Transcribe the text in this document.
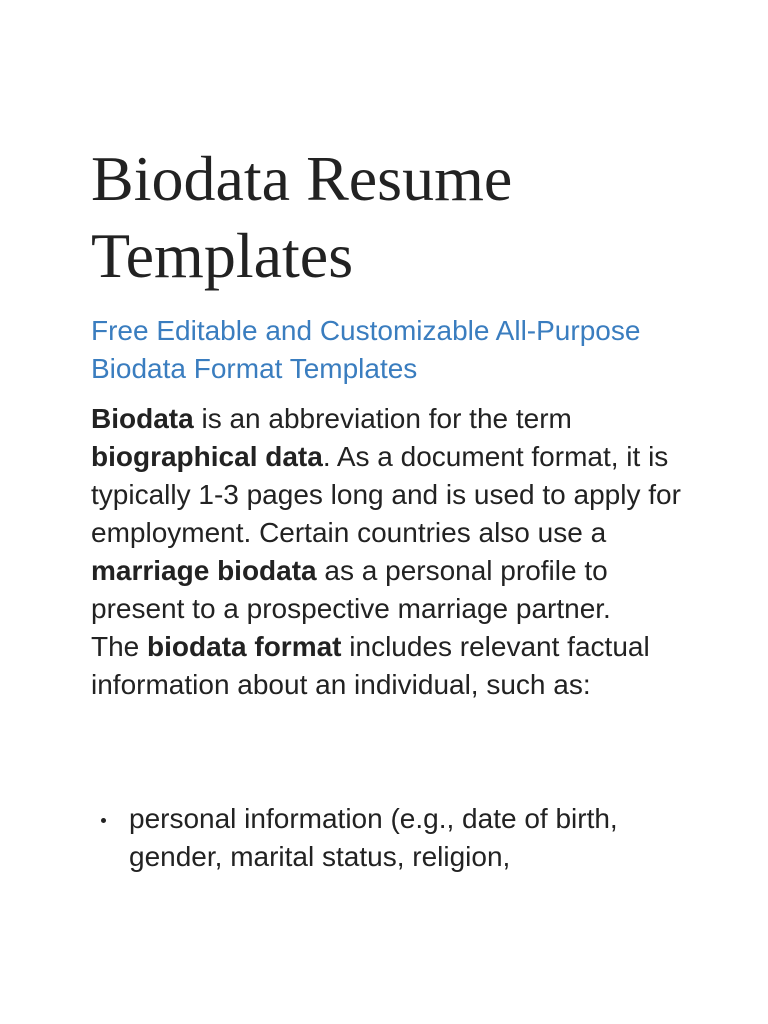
Biodata Resume Templates

Free Editable and Customizable All-Purpose Biodata Format Templates

Biodata is an abbreviation for the term biographical data. As a document format, it is typically 1-3 pages long and is used to apply for employment. Certain countries also use a marriage biodata as a personal profile to present to a prospective marriage partner.
The biodata format includes relevant factual information about an individual, such as:
personal information (e.g., date of birth, gender, marital status, religion,
